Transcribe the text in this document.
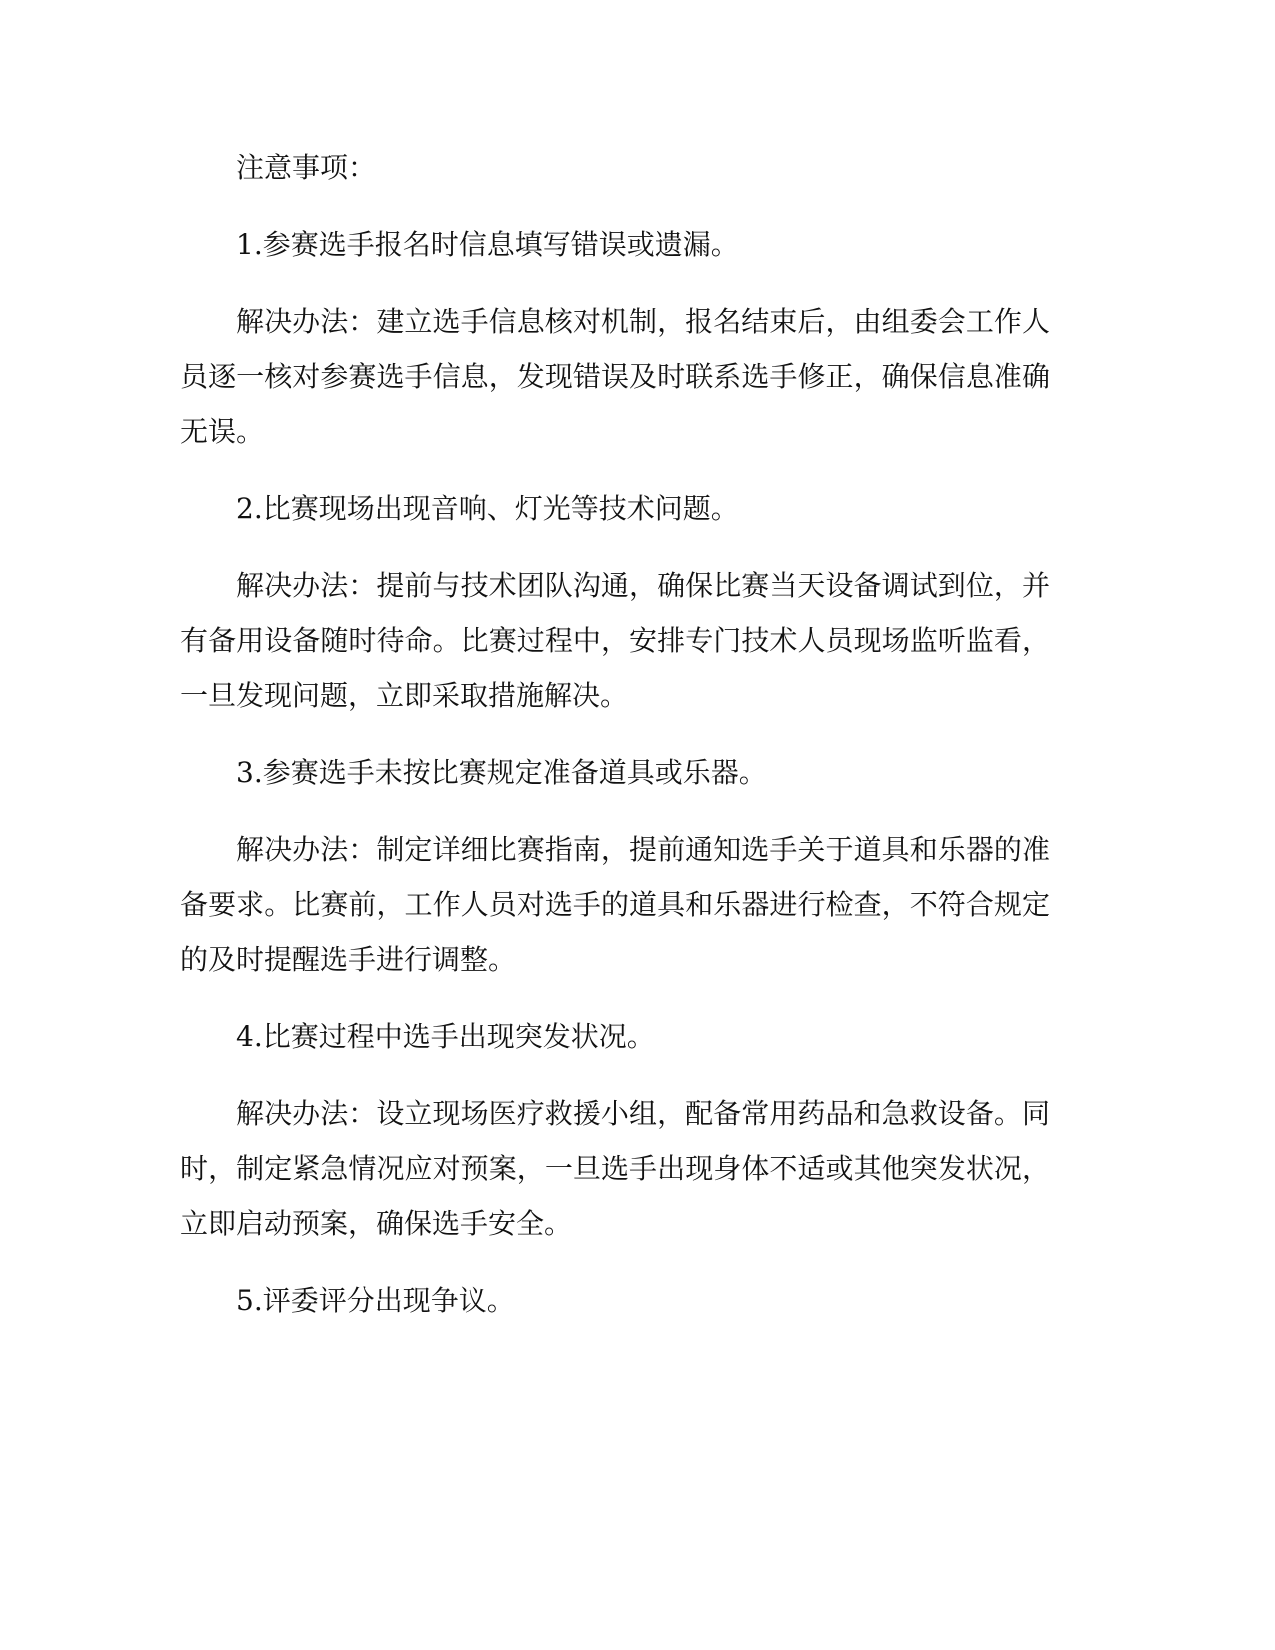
注意事项：

1.参赛选手报名时信息填写错误或遗漏。

解决办法：建立选手信息核对机制，报名结束后，由组委会工作人员逐一核对参赛选手信息，发现错误及时联系选手修正，确保信息准确无误。

2.比赛现场出现音响、灯光等技术问题。

解决办法：提前与技术团队沟通，确保比赛当天设备调试到位，并有备用设备随时待命。比赛过程中，安排专门技术人员现场监听监看，一旦发现问题，立即采取措施解决。

3.参赛选手未按比赛规定准备道具或乐器。

解决办法：制定详细比赛指南，提前通知选手关于道具和乐器的准备要求。比赛前，工作人员对选手的道具和乐器进行检查，不符合规定的及时提醒选手进行调整。

4.比赛过程中选手出现突发状况。

解决办法：设立现场医疗救援小组，配备常用药品和急救设备。同时，制定紧急情况应对预案，一旦选手出现身体不适或其他突发状况，立即启动预案，确保选手安全。

5.评委评分出现争议。
